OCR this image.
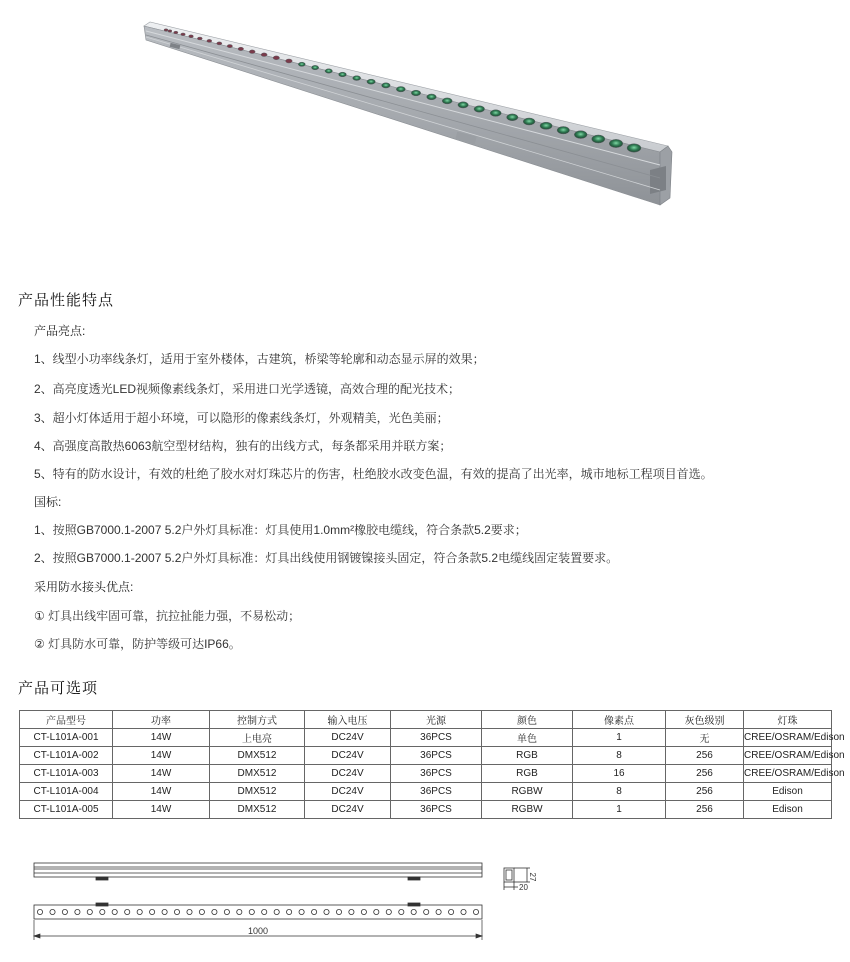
产品性能特点
产品亮点:
1、线型小功率线条灯，适用于室外楼体，古建筑，桥梁等轮廓和动态显示屏的效果；
2、高亮度透光LED视频像素线条灯，采用进口光学透镜，高效合理的配光技术；
3、超小灯体适用于超小环境，可以隐形的像素线条灯，外观精美，光色美丽；
4、高强度高散热6063航空型材结构，独有的出线方式，每条都采用并联方案；
5、特有的防水设计，有效的杜绝了胶水对灯珠芯片的伤害，杜绝胶水改变色温，有效的提高了出光率，城市地标工程项目首选。
国标:
1、按照GB7000.1-2007 5.2户外灯具标准：灯具使用1.0mm²橡胶电缆线，符合条款5.2要求；
2、按照GB7000.1-2007 5.2户外灯具标准：灯具出线使用钢镀镍接头固定，符合条款5.2电缆线固定装置要求。
采用防水接头优点:
① 灯具出线牢固可靠，抗拉扯能力强，不易松动；
② 灯具防水可靠，防护等级可达IP66。
产品可选项
产品型号	功率	控制方式	输入电压	光源	颜色	像素点	灰色级别	灯珠
CT-L101A-001	14W	上电亮	DC24V	36PCS	单色	1	无	CREE/OSRAM/Edison
CT-L101A-002	14W	DMX512	DC24V	36PCS	RGB	8	256	CREE/OSRAM/Edison
CT-L101A-003	14W	DMX512	DC24V	36PCS	RGB	16	256	CREE/OSRAM/Edison
CT-L101A-004	14W	DMX512	DC24V	36PCS	RGBW	8	256	Edison
CT-L101A-005	14W	DMX512	DC24V	36PCS	RGBW	1	256	Edison
27
20
1000
